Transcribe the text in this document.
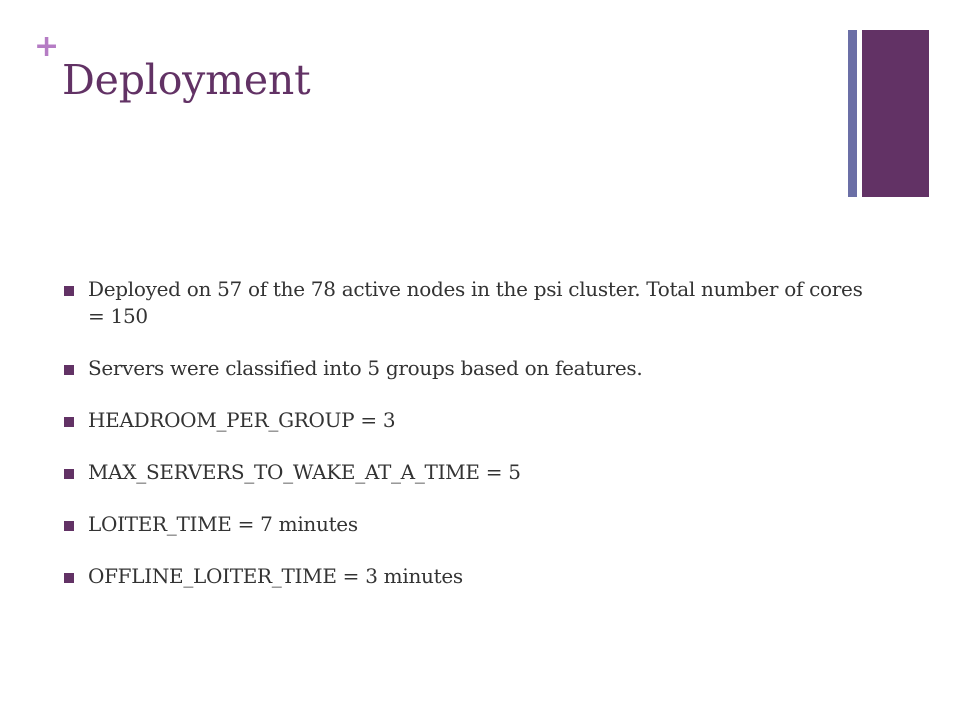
+
Deployment
Deployed on 57 of the 78 active nodes in the psi cluster. Total number of cores = 150
Servers were classified into 5 groups based on features.
HEADROOM_PER_GROUP = 3
MAX_SERVERS_TO_WAKE_AT_A_TIME = 5
LOITER_TIME = 7 minutes
OFFLINE_LOITER_TIME = 3 minutes
